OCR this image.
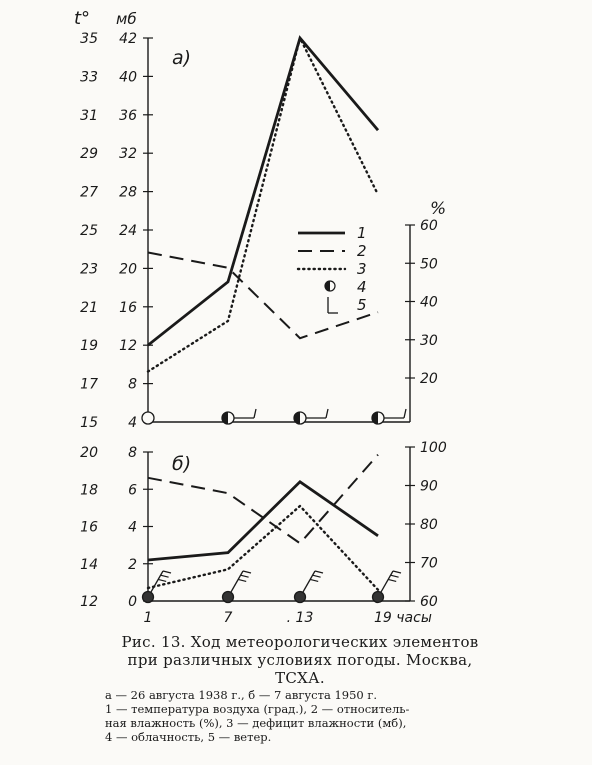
35 42
33 40
31 36
29 32
27 28
25 24
23 20
21 16
19 12
17 8
15 4
60
50
40
30
20
t° мб
%
а)
1
2
3
4
5
20 8
18 6
16 4
14 2
12 0
100
90
80
70
60
б)
1	7	. 13	19 часы
Рис. 13. Ход метеорологических элементов
при различных условиях погоды. Москва,
ТСХА.
а — 26 августа 1938 г., б — 7 августа 1950 г.
1 — температура воздуха (град.), 2 — относитель-
ная влажность (%), 3 — дефицит влажности (мб),
4 — облачность, 5 — ветер.
